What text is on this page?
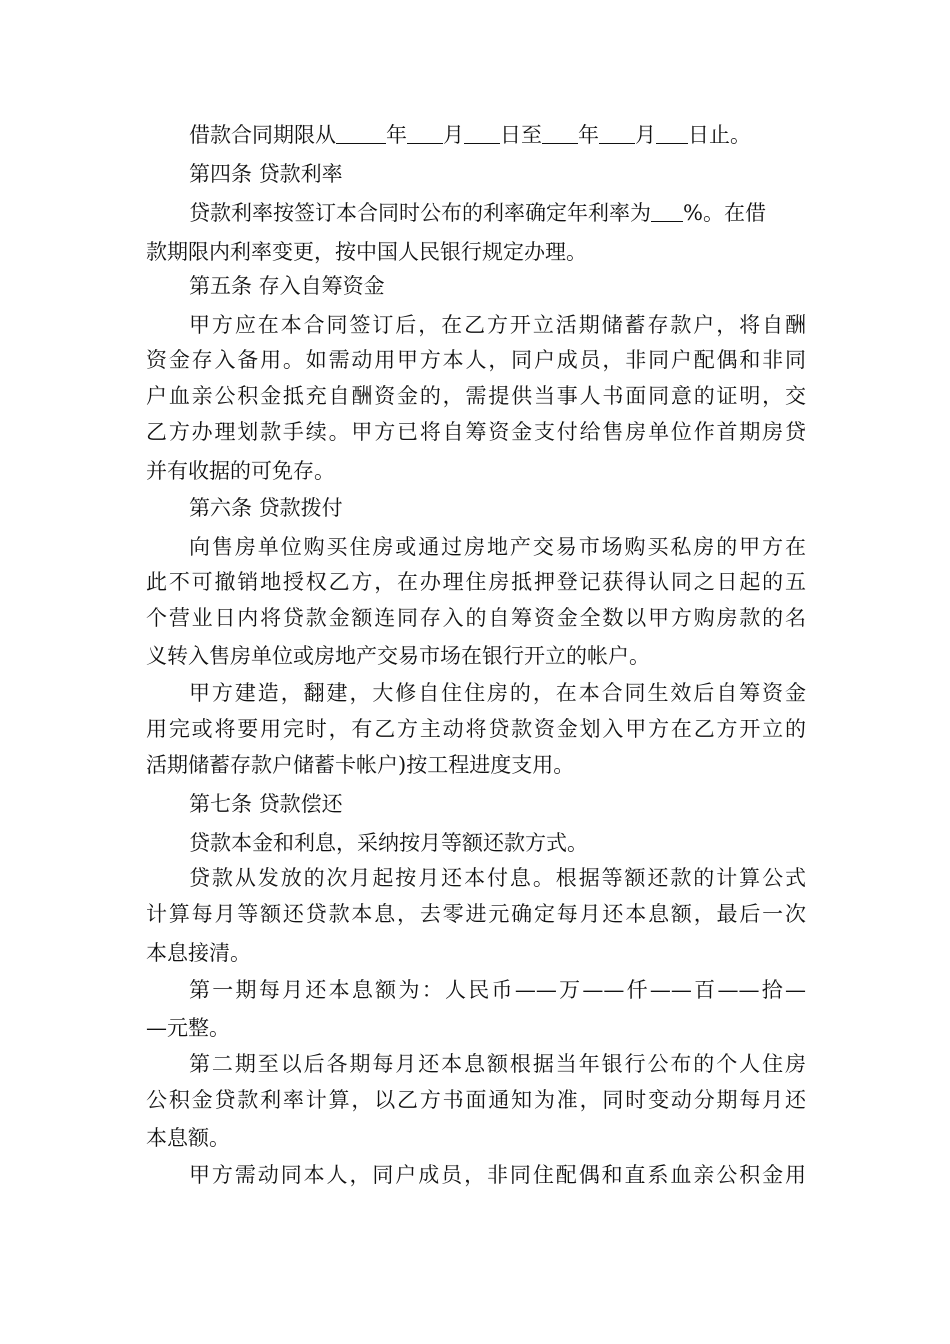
借款合同期限从 年 月 日至 年 月 日止。
第四条 贷款利率
贷款利率按签订本合同时公布的利率确定年利率为 %。在借
款期限内利率变更，按中国人民银行规定办理。
第五条 存入自筹资金
甲方应在本合同签订后，在乙方开立活期储蓄存款户，将自酬
资金存入备用。如需动用甲方本人，同户成员，非同户配偶和非同
户血亲公积金抵充自酬资金的，需提供当事人书面同意的证明，交
乙方办理划款手续。甲方已将自筹资金支付给售房单位作首期房贷
并有收据的可免存。
第六条 贷款拨付
向售房单位购买住房或通过房地产交易市场购买私房的甲方在
此不可撤销地授权乙方，在办理住房抵押登记获得认同之日起的五
个营业日内将贷款金额连同存入的自筹资金全数以甲方购房款的名
义转入售房单位或房地产交易市场在银行开立的帐户。
甲方建造，翻建，大修自住住房的，在本合同生效后自筹资金
用完或将要用完时，有乙方主动将贷款资金划入甲方在乙方开立的
活期储蓄存款户储蓄卡帐户)按工程进度支用。
第七条 贷款偿还
贷款本金和利息，采纳按月等额还款方式。
贷款从发放的次月起按月还本付息。根据等额还款的计算公式
计算每月等额还贷款本息，去零进元确定每月还本息额，最后一次
本息接清。
第一期每月还本息额为：人民币——万——仟——百——拾—
—元整。
第二期至以后各期每月还本息额根据当年银行公布的个人住房
公积金贷款利率计算，以乙方书面通知为准，同时变动分期每月还
本息额。
甲方需动同本人，同户成员，非同住配偶和直系血亲公积金用
